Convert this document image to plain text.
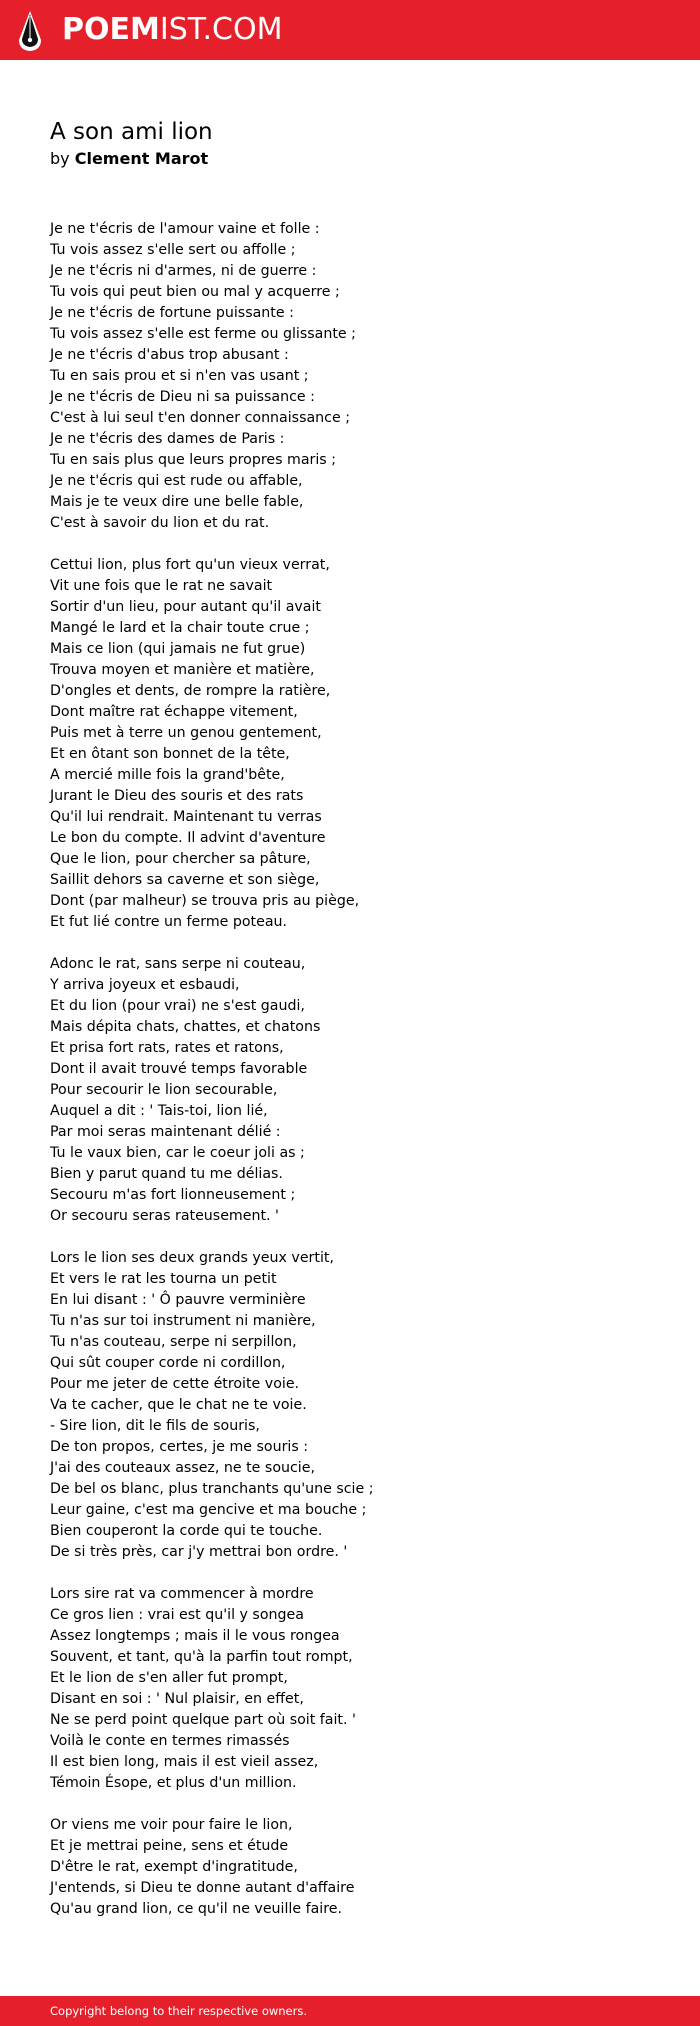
POEMIST.COM
A son ami lion
by Clement Marot
Je ne t'écris de l'amour vaine et folle :
Tu vois assez s'elle sert ou affolle ;
Je ne t'écris ni d'armes, ni de guerre :
Tu vois qui peut bien ou mal y acquerre ;
Je ne t'écris de fortune puissante :
Tu vois assez s'elle est ferme ou glissante ;
Je ne t'écris d'abus trop abusant :
Tu en sais prou et si n'en vas usant ;
Je ne t'écris de Dieu ni sa puissance :
C'est à lui seul t'en donner connaissance ;
Je ne t'écris des dames de Paris :
Tu en sais plus que leurs propres maris ;
Je ne t'écris qui est rude ou affable,
Mais je te veux dire une belle fable,
C'est à savoir du lion et du rat.
Cettui lion, plus fort qu'un vieux verrat,
Vit une fois que le rat ne savait
Sortir d'un lieu, pour autant qu'il avait
Mangé le lard et la chair toute crue ;
Mais ce lion (qui jamais ne fut grue)
Trouva moyen et manière et matière,
D'ongles et dents, de rompre la ratière,
Dont maître rat échappe vitement,
Puis met à terre un genou gentement,
Et en ôtant son bonnet de la tête,
A mercié mille fois la grand'bête,
Jurant le Dieu des souris et des rats
Qu'il lui rendrait. Maintenant tu verras
Le bon du compte. Il advint d'aventure
Que le lion, pour chercher sa pâture,
Saillit dehors sa caverne et son siège,
Dont (par malheur) se trouva pris au piège,
Et fut lié contre un ferme poteau.
Adonc le rat, sans serpe ni couteau,
Y arriva joyeux et esbaudi,
Et du lion (pour vrai) ne s'est gaudi,
Mais dépita chats, chattes, et chatons
Et prisa fort rats, rates et ratons,
Dont il avait trouvé temps favorable
Pour secourir le lion secourable,
Auquel a dit : ' Tais-toi, lion lié,
Par moi seras maintenant délié :
Tu le vaux bien, car le coeur joli as ;
Bien y parut quand tu me délias.
Secouru m'as fort lionneusement ;
Or secouru seras rateusement. '
Lors le lion ses deux grands yeux vertit,
Et vers le rat les tourna un petit
En lui disant : ' Ô pauvre verminière
Tu n'as sur toi instrument ni manière,
Tu n'as couteau, serpe ni serpillon,
Qui sût couper corde ni cordillon,
Pour me jeter de cette étroite voie.
Va te cacher, que le chat ne te voie.
- Sire lion, dit le fils de souris,
De ton propos, certes, je me souris :
J'ai des couteaux assez, ne te soucie,
De bel os blanc, plus tranchants qu'une scie ;
Leur gaine, c'est ma gencive et ma bouche ;
Bien couperont la corde qui te touche.
De si très près, car j'y mettrai bon ordre. '
Lors sire rat va commencer à mordre
Ce gros lien : vrai est qu'il y songea
Assez longtemps ; mais il le vous rongea
Souvent, et tant, qu'à la parfin tout rompt,
Et le lion de s'en aller fut prompt,
Disant en soi : ' Nul plaisir, en effet,
Ne se perd point quelque part où soit fait. '
Voilà le conte en termes rimassés
Il est bien long, mais il est vieil assez,
Témoin Ésope, et plus d'un million.
Or viens me voir pour faire le lion,
Et je mettrai peine, sens et étude
D'être le rat, exempt d'ingratitude,
J'entends, si Dieu te donne autant d'affaire
Qu'au grand lion, ce qu'il ne veuille faire.
Copyright belong to their respective owners.
